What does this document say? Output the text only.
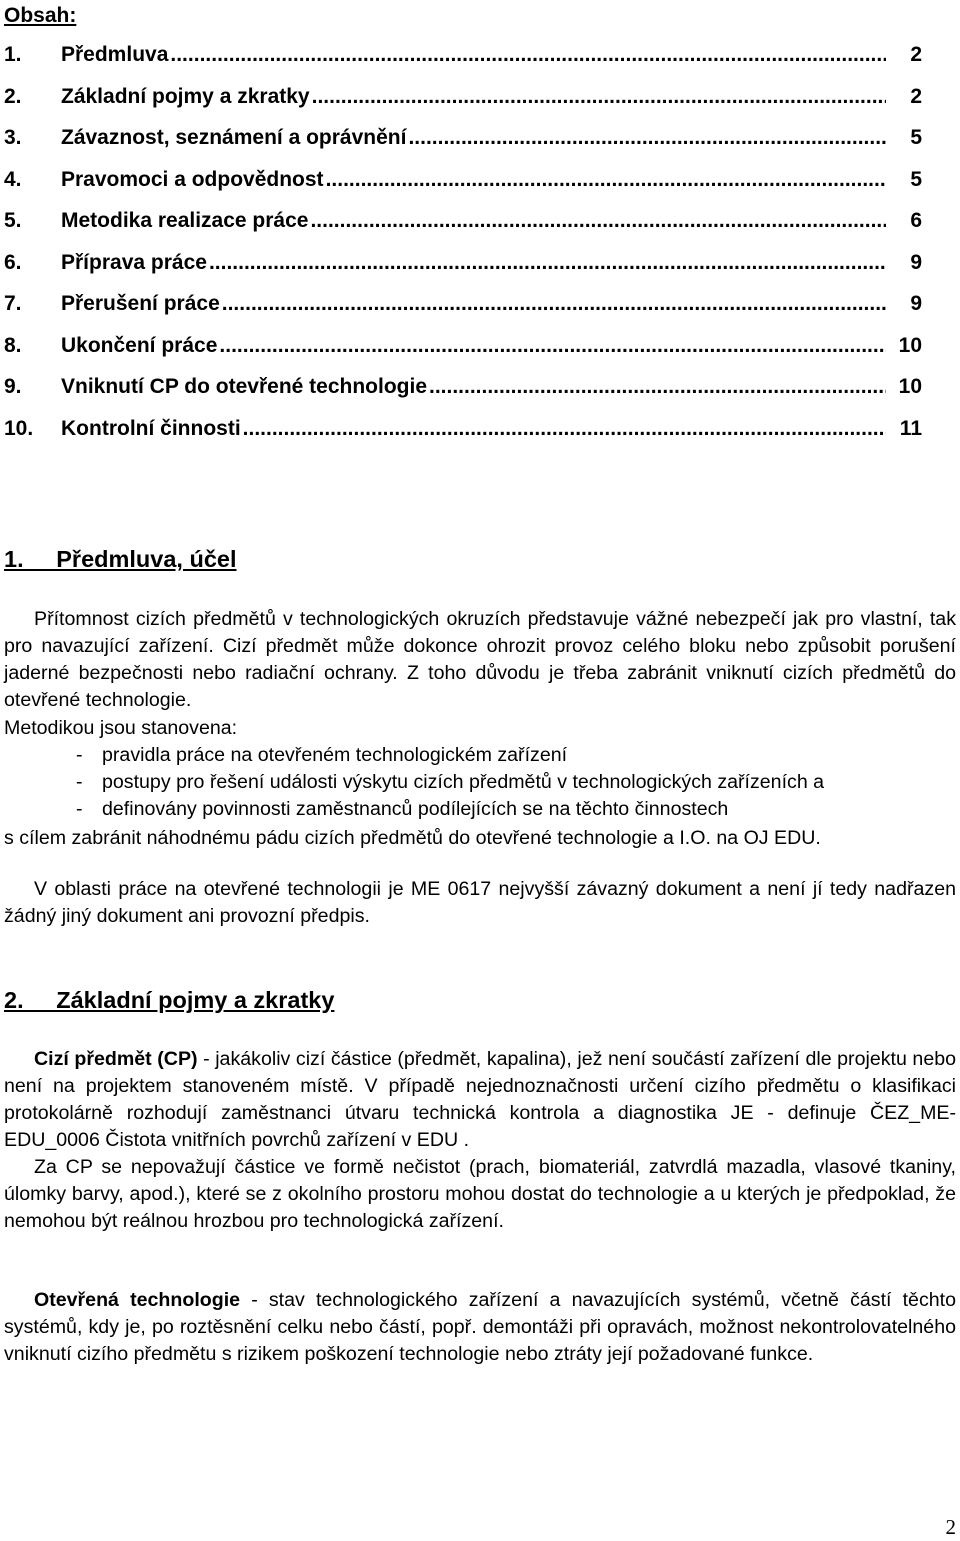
Obsah:
1.	Předmluva .....	2
2.	Základní pojmy a zkratky .....	2
3.	Závaznost, seznámení a oprávnění .....	5
4.	Pravomoci a odpovědnost .....	5
5.	Metodika realizace práce .....	6
6.	Příprava práce .....	9
7.	Přerušení práce .....	9
8.	Ukončení práce .....	10
9.	Vniknutí CP do otevřené technologie .....	10
10.	Kontrolní činnosti .....	11
1.     Předmluva, účel
Přítomnost cizích předmětů v technologických okruzích představuje vážné nebezpečí jak pro vlastní, tak pro navazující zařízení. Cizí předmět může dokonce ohrozit provoz celého bloku nebo způsobit porušení jaderné bezpečnosti nebo radiační ochrany. Z toho důvodu je třeba zabránit vniknutí cizích předmětů do otevřené technologie.
Metodikou jsou stanovena:
- pravidla práce na otevřeném technologickém zařízení
- postupy pro řešení události výskytu cizích předmětů v technologických zařízeních a
- definovány povinnosti zaměstnanců podílejících se na těchto činnostech
s cílem zabránit náhodnému pádu cizích předmětů do otevřené technologie a I.O. na OJ EDU.
V oblasti práce na otevřené technologii je ME 0617 nejvyšší závazný dokument a není jí tedy nadřazen žádný jiný dokument ani provozní předpis.
2.     Základní pojmy a zkratky
Cizí předmět (CP) - jakákoliv cizí částice (předmět, kapalina), jež není součástí zařízení dle projektu nebo není na projektem stanoveném místě. V případě nejednoznačnosti určení cizího předmětu o klasifikaci protokolárně rozhodují zaměstnanci útvaru technická kontrola a diagnostika JE - definuje ČEZ_ME-EDU_0006 Čistota vnitřních povrchů zařízení v EDU .
Za CP se nepovažují částice ve formě nečistot (prach, biomateriál, zatvrdlá mazadla, vlasové tkaniny, úlomky barvy, apod.), které se z okolního prostoru mohou dostat do technologie a u kterých je předpoklad, že nemohou být reálnou hrozbou pro technologická zařízení.
Otevřená technologie - stav technologického zařízení a navazujících systémů, včetně částí těchto systémů, kdy je, po roztěsnění celku nebo částí, popř. demontáži při opravách, možnost nekontrolovatelného vniknutí cizího předmětu s rizikem poškození technologie nebo ztráty její požadované funkce.
2
